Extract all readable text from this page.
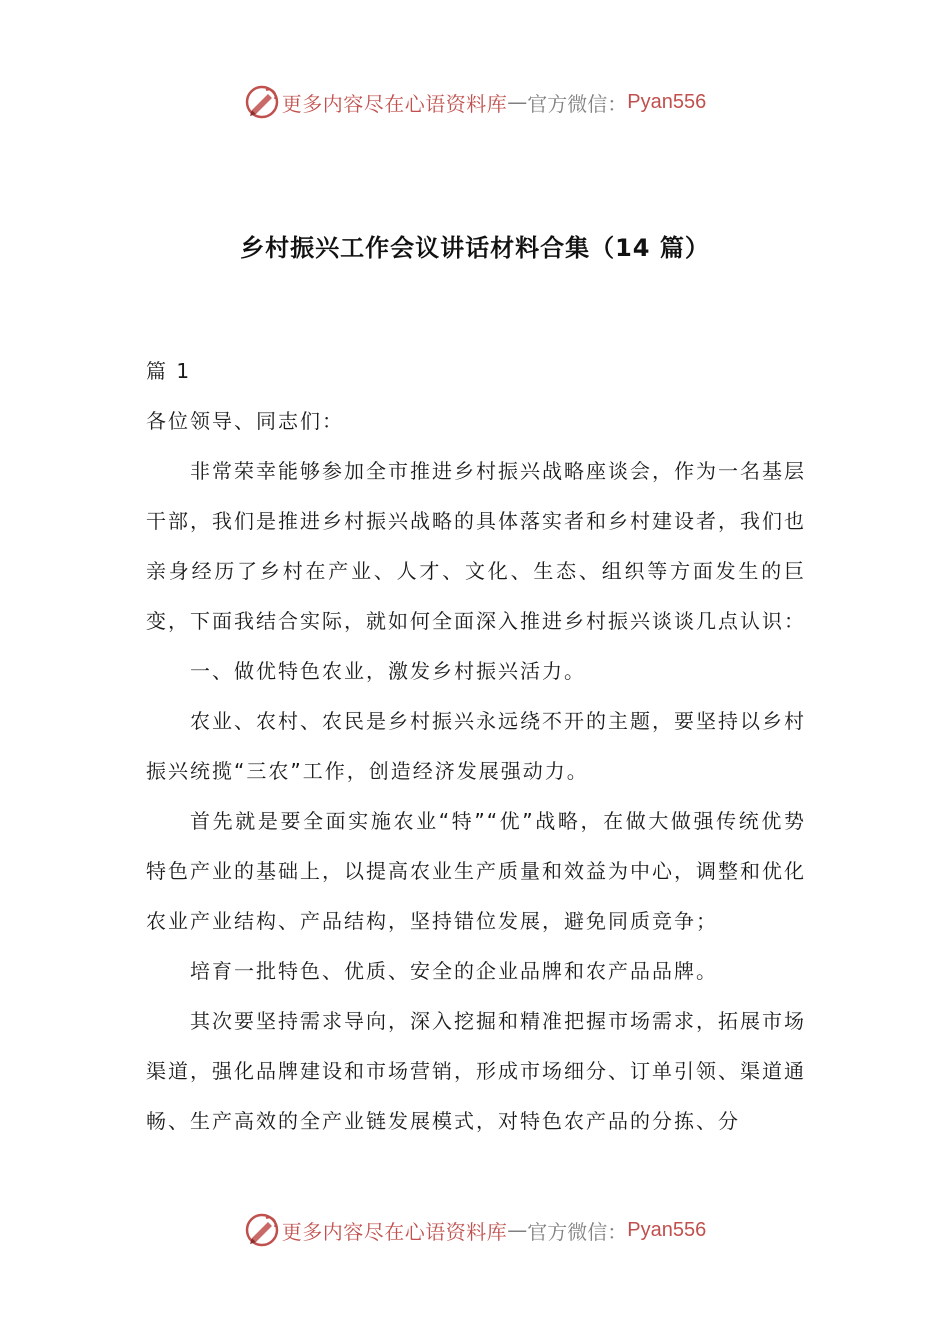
更多内容尽在心语资料库 — 官方微信： Pyan556
乡村振兴工作会议讲话材料合集（14 篇）

篇 1

各位领导、同志们：

非常荣幸能够参加全市推进乡村振兴战略座谈会，作为一名基层干部，我们是推进乡村振兴战略的具体落实者和乡村建设者，我们也亲身经历了乡村在产业、人才、文化、生态、组织等方面发生的巨变，下面我结合实际，就如何全面深入推进乡村振兴谈谈几点认识：

一、做优特色农业，激发乡村振兴活力。

农业、农村、农民是乡村振兴永远绕不开的主题，要坚持以乡村振兴统揽“三农”工作，创造经济发展强动力。

首先就是要全面实施农业“特”“优”战略，在做大做强传统优势特色产业的基础上，以提高农业生产质量和效益为中心，调整和优化农业产业结构、产品结构，坚持错位发展，避免同质竞争；

培育一批特色、优质、安全的企业品牌和农产品品牌。

其次要坚持需求导向，深入挖掘和精准把握市场需求，拓展市场渠道，强化品牌建设和市场营销，形成市场细分、订单引领、渠道通畅、生产高效的全产业链发展模式，对特色农产品的分拣、分

更多内容尽在心语资料库 — 官方微信： Pyan556
